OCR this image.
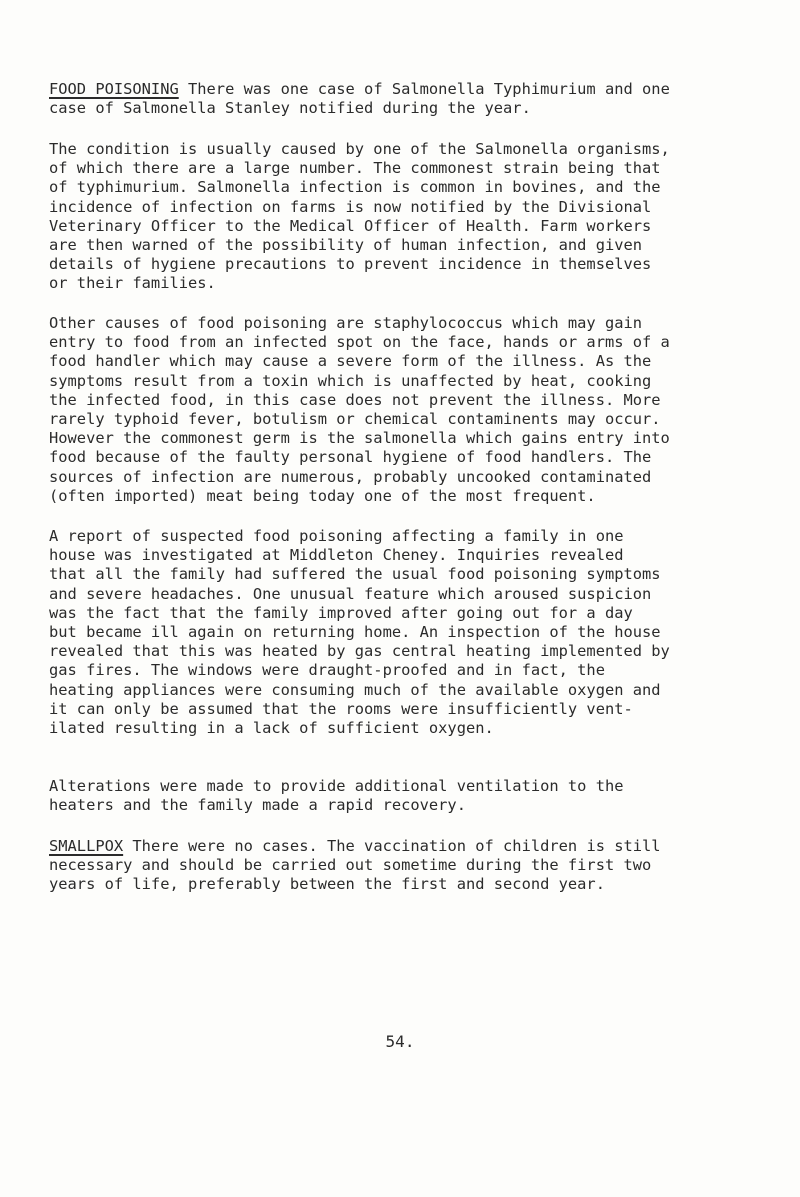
FOOD POISONING There was one case of Salmonella Typhimurium and one
case of Salmonella Stanley notified during the year.

The condition is usually caused by one of the Salmonella organisms,
of which there are a large number. The commonest strain being that
of typhimurium. Salmonella infection is common in bovines, and the
incidence of infection on farms is now notified by the Divisional
Veterinary Officer to the Medical Officer of Health. Farm workers
are then warned of the possibility of human infection, and given
details of hygiene precautions to prevent incidence in themselves
or their families.

Other causes of food poisoning are staphylococcus which may gain
entry to food from an infected spot on the face, hands or arms of a
food handler which may cause a severe form of the illness. As the
symptoms result from a toxin which is unaffected by heat, cooking
the infected food, in this case does not prevent the illness. More
rarely typhoid fever, botulism or chemical contaminents may occur.
However the commonest germ is the salmonella which gains entry into
food because of the faulty personal hygiene of food handlers. The
sources of infection are numerous, probably uncooked contaminated
(often imported) meat being today one of the most frequent.

A report of suspected food poisoning affecting a family in one
house was investigated at Middleton Cheney. Inquiries revealed
that all the family had suffered the usual food poisoning symptoms
and severe headaches. One unusual feature which aroused suspicion
was the fact that the family improved after going out for a day
but became ill again on returning home. An inspection of the house
revealed that this was heated by gas central heating implemented by
gas fires. The windows were draught-proofed and in fact, the
heating appliances were consuming much of the available oxygen and
it can only be assumed that the rooms were insufficiently vent-
ilated resulting in a lack of sufficient oxygen.

Alterations were made to provide additional ventilation to the
heaters and the family made a rapid recovery.

SMALLPOX There were no cases. The vaccination of children is still
necessary and should be carried out sometime during the first two
years of life, preferably between the first and second year.

54.
